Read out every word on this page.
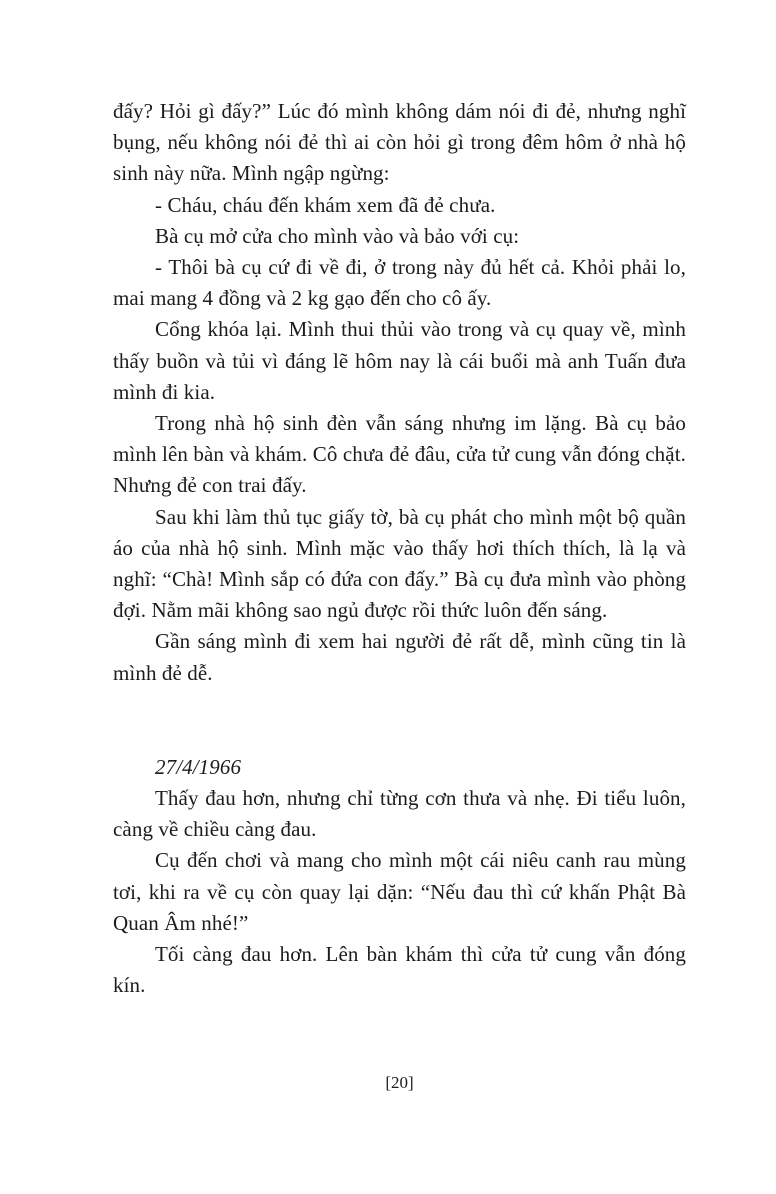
đấy? Hỏi gì đấy?” Lúc đó mình không dám nói đi đẻ, nhưng nghĩ bụng, nếu không nói đẻ thì ai còn hỏi gì trong đêm hôm ở nhà hộ sinh này nữa. Mình ngập ngừng:

- Cháu, cháu đến khám xem đã đẻ chưa.

Bà cụ mở cửa cho mình vào và bảo với cụ:

- Thôi bà cụ cứ đi về đi, ở trong này đủ hết cả. Khỏi phải lo, mai mang 4 đồng và 2 kg gạo đến cho cô ấy.

Cổng khóa lại. Mình thui thủi vào trong và cụ quay về, mình thấy buồn và tủi vì đáng lẽ hôm nay là cái buổi mà anh Tuấn đưa mình đi kia.

Trong nhà hộ sinh đèn vẫn sáng nhưng im lặng. Bà cụ bảo mình lên bàn và khám. Cô chưa đẻ đâu, cửa tử cung vẫn đóng chặt. Nhưng đẻ con trai đấy.

Sau khi làm thủ tục giấy tờ, bà cụ phát cho mình một bộ quần áo của nhà hộ sinh. Mình mặc vào thấy hơi thích thích, là lạ và nghĩ: “Chà! Mình sắp có đứa con đấy.” Bà cụ đưa mình vào phòng đợi. Nằm mãi không sao ngủ được rồi thức luôn đến sáng.

Gần sáng mình đi xem hai người đẻ rất dễ, mình cũng tin là mình đẻ dễ.

27/4/1966

Thấy đau hơn, nhưng chỉ từng cơn thưa và nhẹ. Đi tiểu luôn, càng về chiều càng đau.

Cụ đến chơi và mang cho mình một cái niêu canh rau mùng tơi, khi ra về cụ còn quay lại dặn: “Nếu đau thì cứ khấn Phật Bà Quan Âm nhé!”

Tối càng đau hơn. Lên bàn khám thì cửa tử cung vẫn đóng kín.

[20]
